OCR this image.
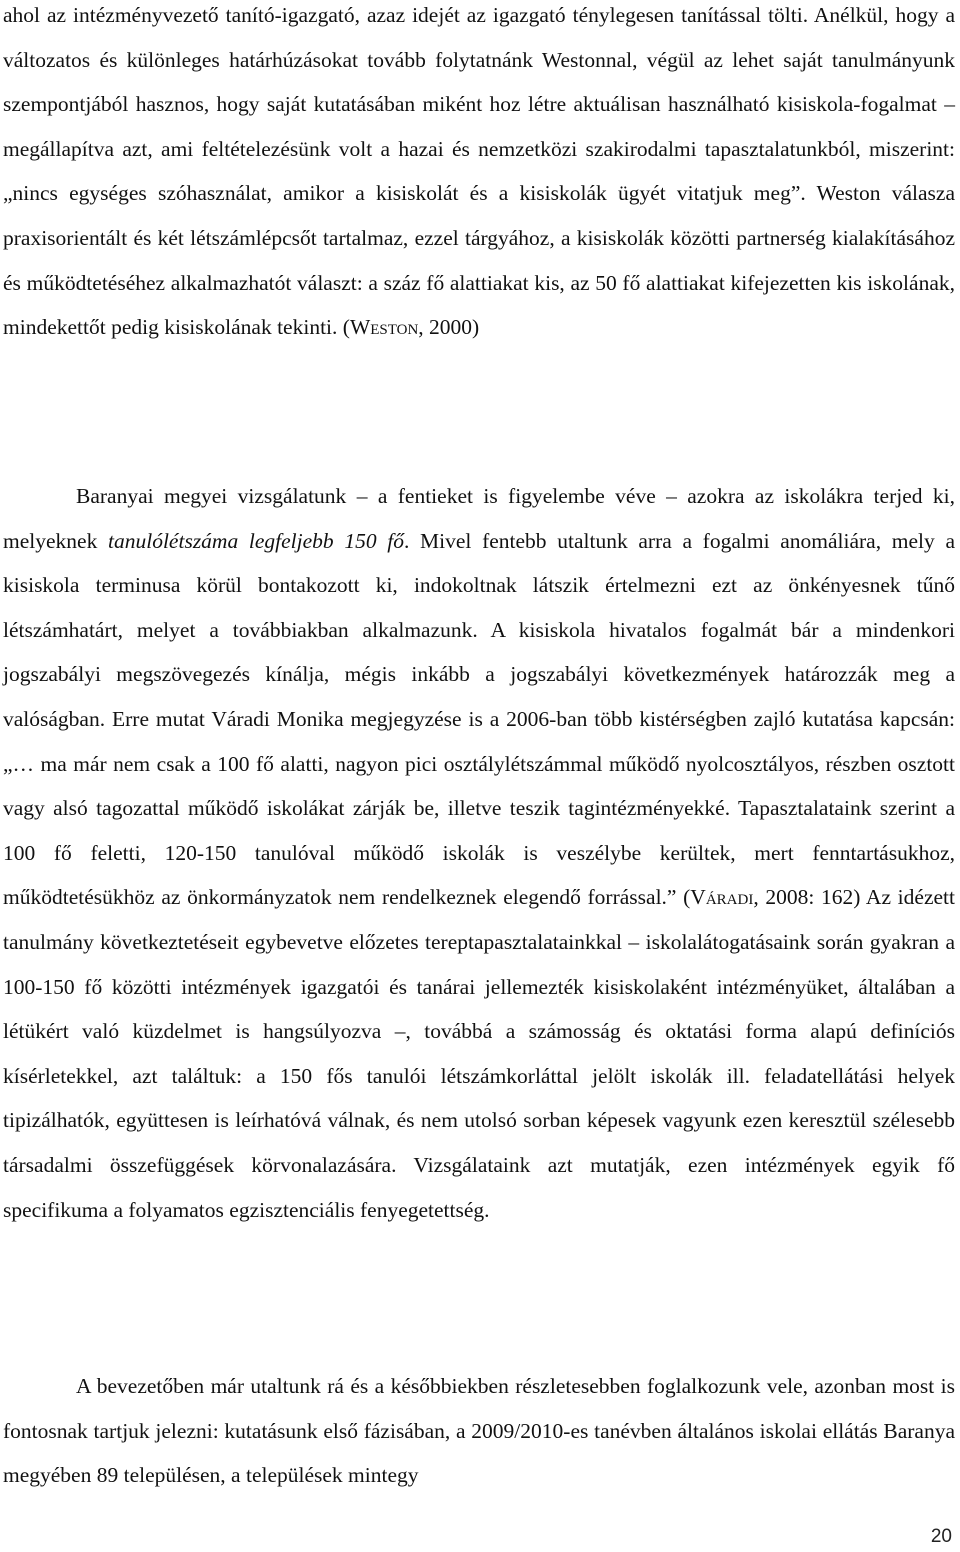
ahol az intézményvezető tanító-igazgató, azaz idejét az igazgató ténylegesen tanítással tölti. Anélkül, hogy a változatos és különleges határhúzásokat tovább folytatnánk Westonnal, végül az lehet saját tanulmányunk szempontjából hasznos, hogy saját kutatásában miként hoz létre aktuálisan használható kisiskola-fogalmat – megállapítva azt, ami feltételezésünk volt a hazai és nemzetközi szakirodalmi tapasztalatunkból, miszerint: „nincs egységes szóhasználat, amikor a kisiskolát és a kisiskolák ügyét vitatjuk meg”. Weston válasza praxisorientált és két létszámlépcsőt tartalmaz, ezzel tárgyához, a kisiskolák közötti partnerség kialakításához és működtetéséhez alkalmazhatót választ: a száz fő alattiakat kis, az 50 fő alattiakat kifejezetten kis iskolának, mindekettőt pedig kisiskolának tekinti. (Weston, 2000)

Baranyai megyei vizsgálatunk – a fentieket is figyelembe véve – azokra az iskolákra terjed ki, melyeknek tanulólétszáma legfeljebb 150 fő. Mivel fentebb utaltunk arra a fogalmi anomáliára, mely a kisiskola terminusa körül bontakozott ki, indokoltnak látszik értelmezni ezt az önkényesnek tűnő létszámhatárt, melyet a továbbiakban alkalmazunk. A kisiskola hivatalos fogalmát bár a mindenkori jogszabályi megszövegezés kínálja, mégis inkább a jogszabályi következmények határozzák meg a valóságban. Erre mutat Váradi Monika megjegyzése is a 2006-ban több kistérségben zajló kutatása kapcsán: „… ma már nem csak a 100 fő alatti, nagyon pici osztálylétszámmal működő nyolcosztályos, részben osztott vagy alsó tagozattal működő iskolákat zárják be, illetve teszik tagintézményekké. Tapasztalataink szerint a 100 fő feletti, 120-150 tanulóval működő iskolák is veszélybe kerültek, mert fenntartásukhoz, működtetésükhöz az önkormányzatok nem rendelkeznek elegendő forrással.” (Váradi, 2008: 162) Az idézett tanulmány következtetéseit egybevetve előzetes tereptapasztalatainkkal – iskolalátogatásaink során gyakran a 100-150 fő közötti intézmények igazgatói és tanárai jellemezték kisiskolaként intézményüket, általában a létükért való küzdelmet is hangsúlyozva –, továbbá a számosság és oktatási forma alapú definíciós kísérletekkel, azt találtuk: a 150 fős tanulói létszámkorláttal jelölt iskolák ill. feladatellátási helyek tipizálhatók, együttesen is leírhatóvá válnak, és nem utolsó sorban képesek vagyunk ezen keresztül szélesebb társadalmi összefüggések körvonalazására. Vizsgálataink azt mutatják, ezen intézmények egyik fő specifikuma a folyamatos egzisztenciális fenyegetettség.

A bevezetőben már utaltunk rá és a későbbiekben részletesebben foglalkozunk vele, azonban most is fontosnak tartjuk jelezni: kutatásunk első fázisában, a 2009/2010-es tanévben általános iskolai ellátás Baranya megyében 89 településen, a települések mintegy

20
